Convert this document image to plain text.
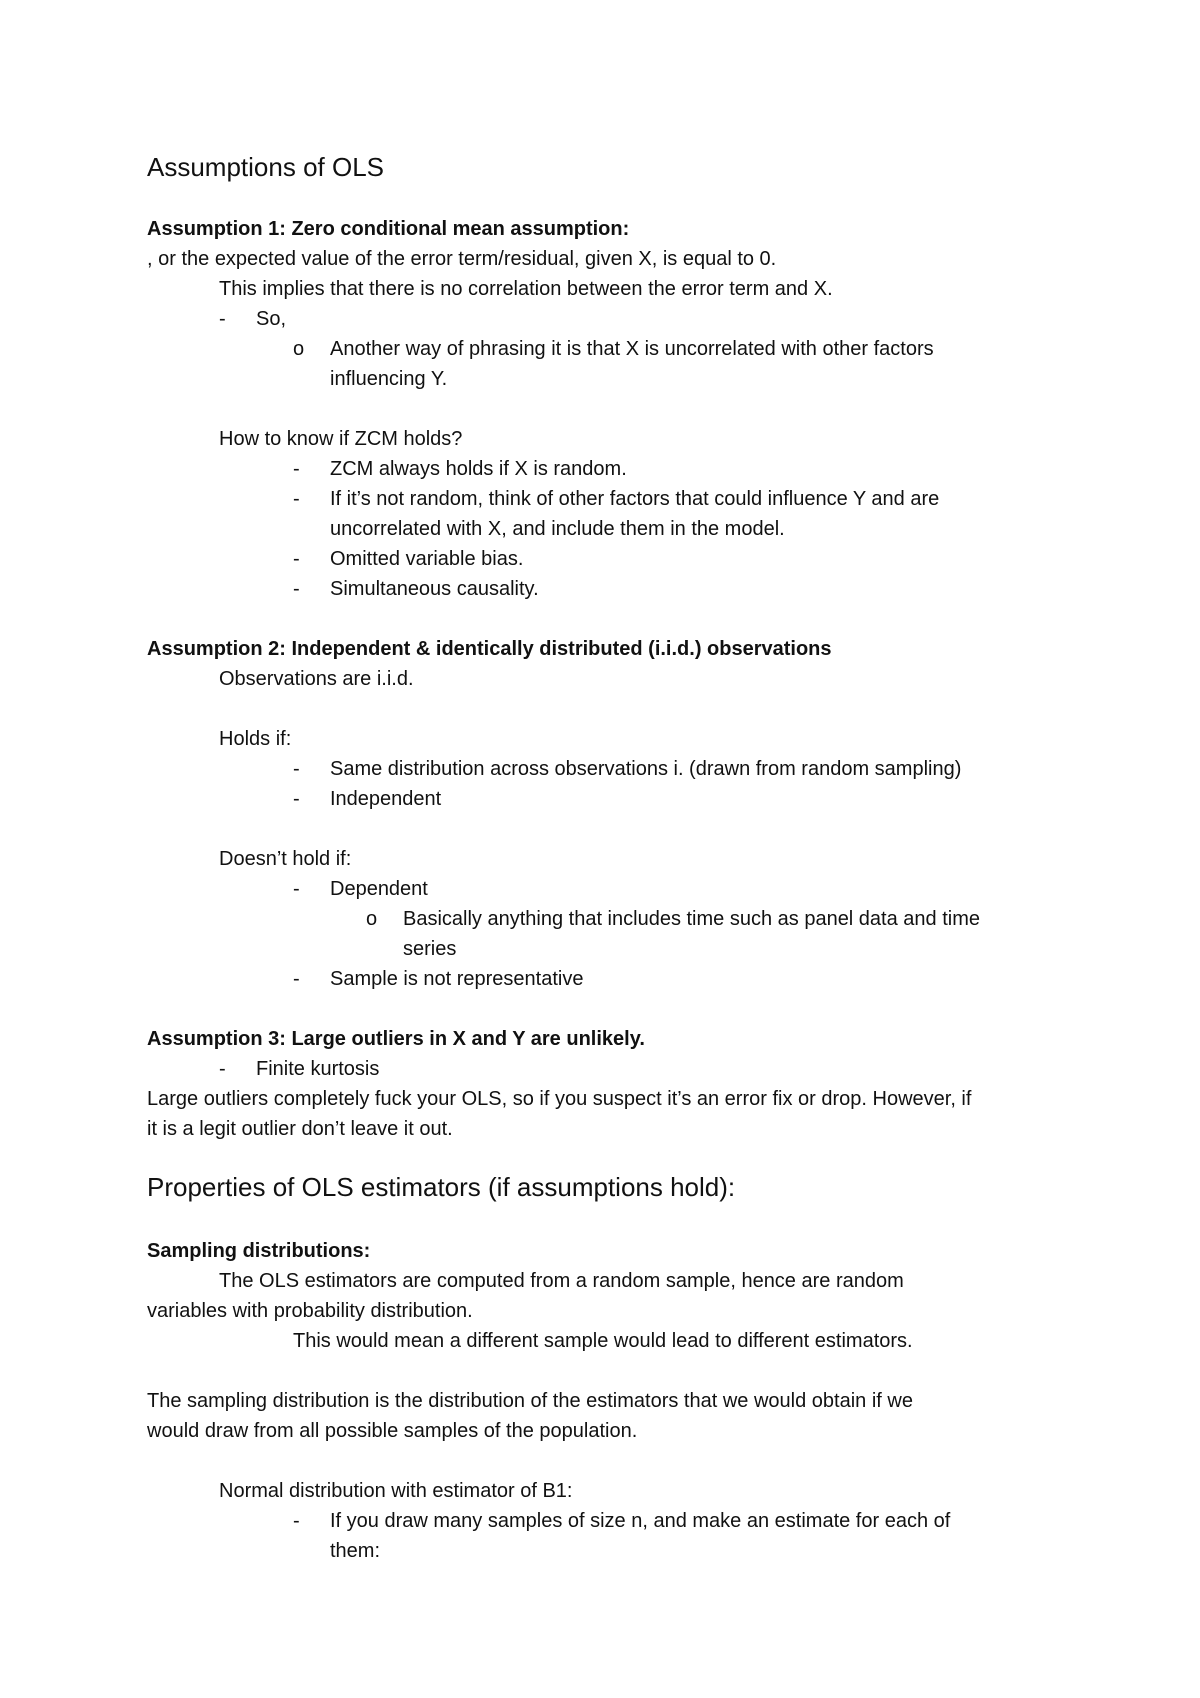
Assumptions of OLS

Assumption 1: Zero conditional mean assumption:

, or the expected value of the error term/residual, given X, is equal to 0.

This implies that there is no correlation between the error term and X.

- So,

o Another way of phrasing it is that X is uncorrelated with other factors

influencing Y.

How to know if ZCM holds?

- ZCM always holds if X is random.

- If it’s not random, think of other factors that could influence Y and are

uncorrelated with X, and include them in the model.

- Omitted variable bias.

- Simultaneous causality.

Assumption 2: Independent & identically distributed (i.i.d.) observations

Observations are i.i.d.

Holds if:

- Same distribution across observations i. (drawn from random sampling)

- Independent

Doesn’t hold if:

- Dependent

o Basically anything that includes time such as panel data and time

series

- Sample is not representative

Assumption 3: Large outliers in X and Y are unlikely.

- Finite kurtosis

Large outliers completely fuck your OLS, so if you suspect it’s an error fix or drop. However, if

it is a legit outlier don’t leave it out.

Properties of OLS estimators (if assumptions hold):

Sampling distributions:

The OLS estimators are computed from a random sample, hence are random

variables with probability distribution.

This would mean a different sample would lead to different estimators.

The sampling distribution is the distribution of the estimators that we would obtain if we

would draw from all possible samples of the population.

Normal distribution with estimator of B1:

- If you draw many samples of size n, and make an estimate for each of

them:
